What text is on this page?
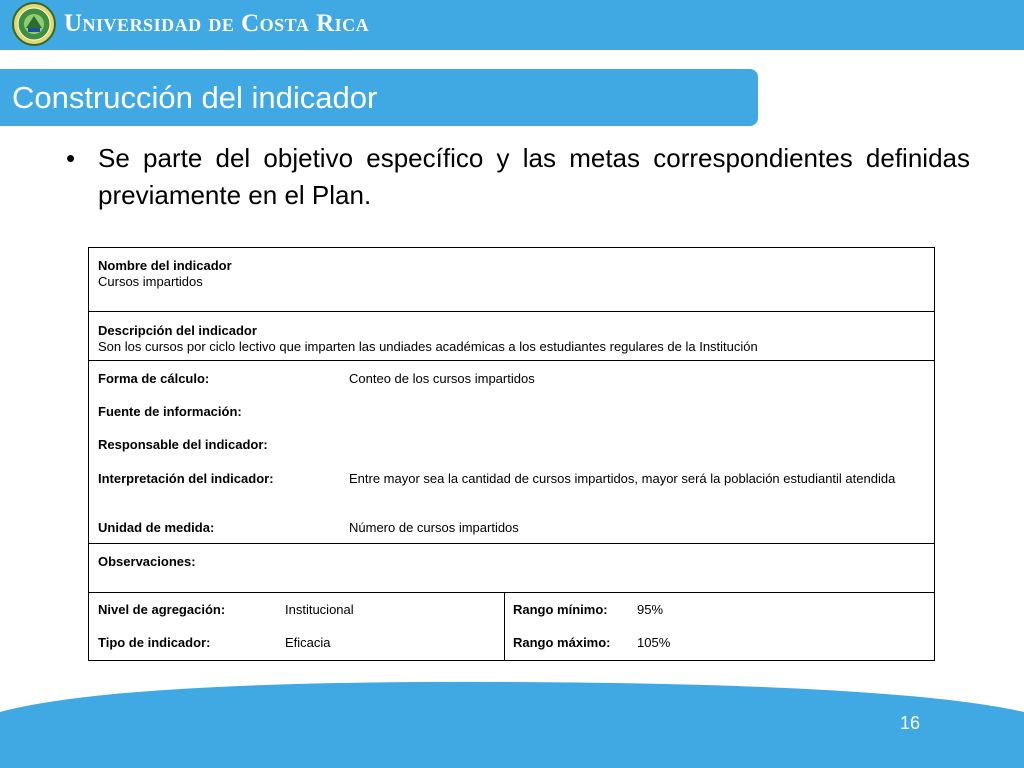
Universidad de Costa Rica
Construcción del indicador
• Se parte del objetivo específico y las metas correspondientes definidas previamente en el Plan.
Nombre del indicador
Cursos impartidos
Descripción del indicador
Son los cursos por ciclo lectivo que imparten las undiades académicas a los estudiantes regulares de la Institución
Forma de cálculo:	Conteo de los cursos impartidos
Fuente de información:
Responsable del indicador:
Interpretación del indicador:	Entre mayor sea la cantidad de cursos impartidos, mayor será la población estudiantil atendida
Unidad de medida:	Número de cursos impartidos
Observaciones:
Nivel de agregación:	Institucional
Tipo de indicador:	Eficacia
Rango mínimo:	95%
Rango máximo:	105%
16
